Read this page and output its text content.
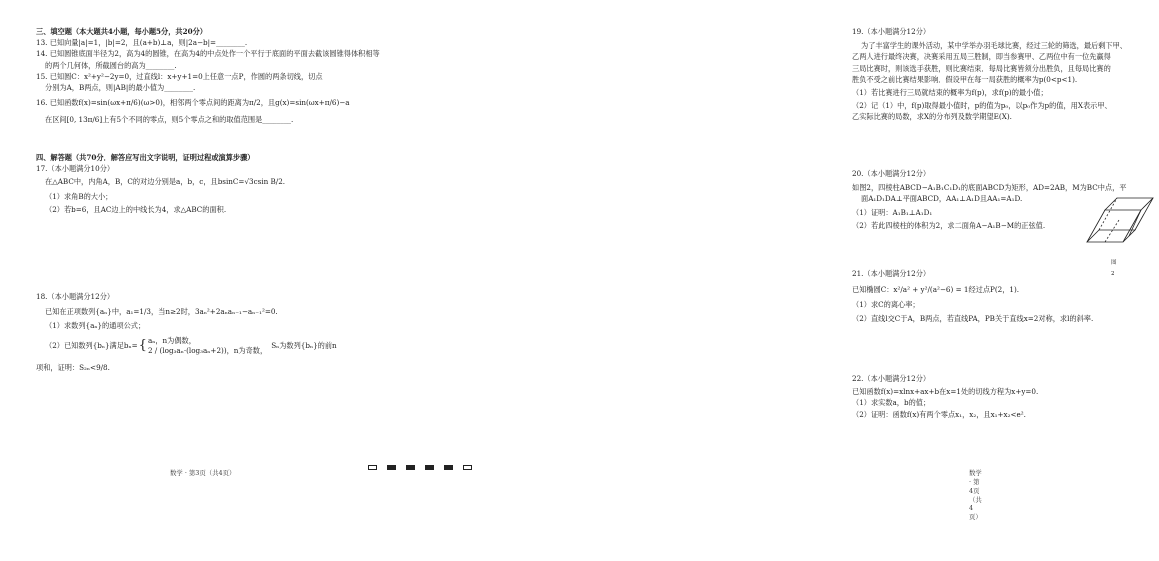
三、填空题（本大题共4小题，每小题5分，共20分）

13. 已知向量|a|=1，|b|=2，且(a+b)⊥a，则|2a−b|=________.

14. 已知圆锥底面半径为2，高为4的圆锥，在高为4的中点处作一个平行于底面的平面去截该圆锥得体积相等

的两个几何体，所截圆台的高为________.

15. 已知圆C：x²+y²−2y=0，过直线l：x+y+1=0上任意一点P，作圆的两条切线，切点

分别为A，B两点，则|AB|的最小值为________.

16. 已知函数f(x)=sin(ωx+π/6)(ω>0)，相邻两个零点间的距离为π/2，且g(x)=sin(ωx+π/6)−a

在区间[0, 13π/6]上有5个不同的零点，则5个零点之和的取值范围是________.

四、解答题（共70分．解答应写出文字说明，证明过程或演算步骤）

17.（本小题满分10分）

在△ABC中，内角A，B，C的对边分别是a，b，c，且bsinC=√3csin B/2.

（1）求角B的大小；

（2）若b=6，且AC边上的中线长为4，求△ABC的面积.

18.（本小题满分12分）

已知在正项数列{aₙ}中，a₁=1/3，当n≥2时，3aₙ²+2aₙaₙ₋₁−aₙ₋₁²=0.

（1）求数列{aₙ}的通项公式；

（2）已知数列{bₙ}满足bₙ= { aₙ，n为偶数，
2 / (log₃aₙ·(log₃aₙ+2))，n为奇数，
Sₙ为数列{bₙ}的前n

项和，证明：S₂ₙ<9/8.

数学 · 第3页（共4页）

19.（本小题满分12分）

为了丰富学生的课外活动，某中学举办羽毛球比赛，经过三轮的筛选，最后剩下甲、

乙两人进行最终决赛，决赛采用五局三胜制，即当参赛甲、乙两位中有一位先赢得

三局比赛时，则该选手获胜，则比赛结束．每局比赛皆须分出胜负，且每局比赛的

胜负不受之前比赛结果影响．假设甲在每一局获胜的概率为p(0<p<1).

（1）若比赛进行三局就结束的概率为f(p)，求f(p)的最小值；

（2）记（1）中，f(p)取得最小值时，p的值为p₀，以p₀作为p的值，用X表示甲、

乙实际比赛的局数，求X的分布列及数学期望E(X).

20.（本小题满分12分）

如图2，四棱柱ABCD−A₁B₁C₁D₁的底面ABCD为矩形，AD=2AB，M为BC中点，平

面A₁D₁DA⊥平面ABCD，AA₁⊥A₁D且AA₁=A₁D.

（1）证明：A₁B₁⊥A₁D₁

（2）若此四棱柱的体积为2，求二面角A−A₁B−M的正弦值.

图2

21.（本小题满分12分）

已知椭圆C：x²/a² + y²/(a²−6) = 1经过点P(2，1).

（1）求C的离心率；

（2）直线l交C于A，B两点，若直线PA，PB关于直线x=2对称，求l的斜率.

22.（本小题满分12分）

已知函数f(x)=xlnx+ax+b在x=1处的切线方程为x+y=0.

（1）求实数a，b的值；

（2）证明：函数f(x)有两个零点x₁，x₂，且x₁+x₂<e².

数学 · 第4页（共4页）
